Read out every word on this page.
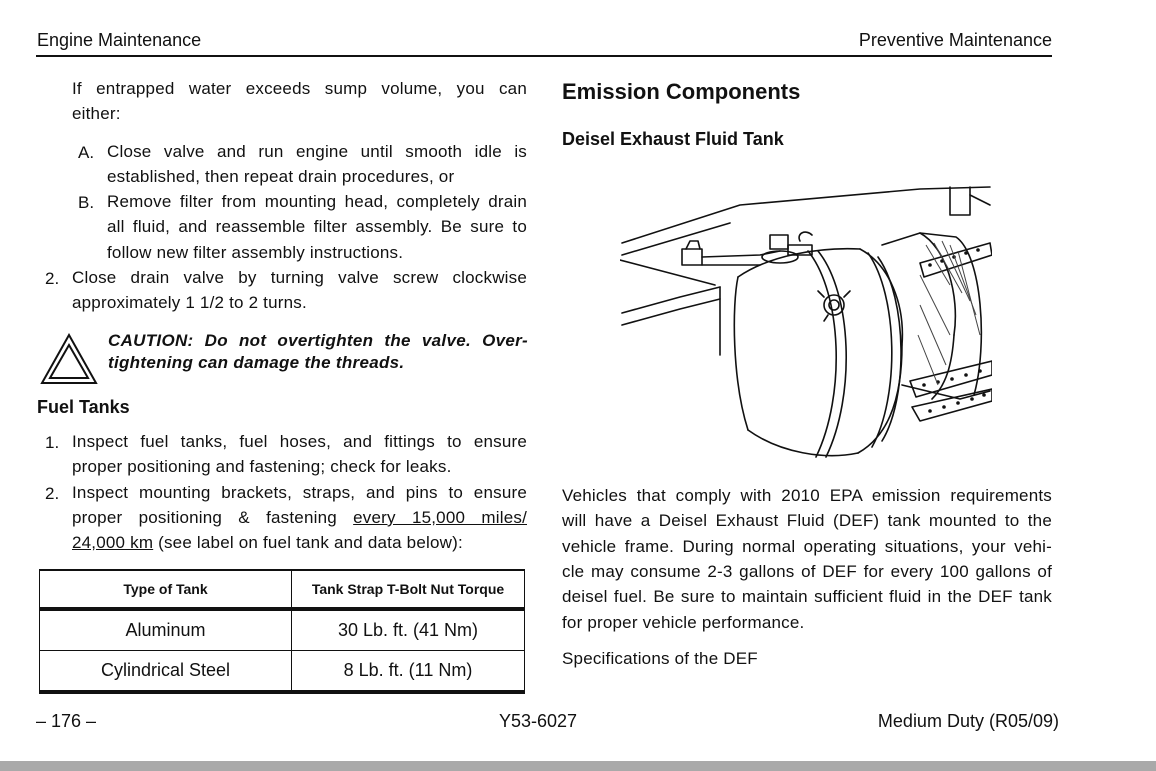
Engine Maintenance	Preventive Maintenance
If entrapped water exceeds sump volume, you can
either:
A. Close valve and run engine until smooth idle is
established, then repeat drain procedures, or
B. Remove filter from mounting head, completely drain
all fluid, and reassemble filter assembly. Be sure to
follow new filter assembly instructions.
2. Close drain valve by turning valve screw clockwise
approximately 1 1/2 to 2 turns.
CAUTION: Do not overtighten the valve. Over-
tightening can damage the threads.
Fuel Tanks
1. Inspect fuel tanks, fuel hoses, and fittings to ensure
proper positioning and fastening; check for leaks.
2. Inspect mounting brackets, straps, and pins to ensure
proper positioning & fastening every 15,000 miles/
24,000 km (see label on fuel tank and data below):
Type of Tank	Tank Strap T-Bolt Nut Torque
Aluminum	30 Lb. ft. (41 Nm)
Cylindrical Steel	8 Lb. ft. (11 Nm)
Emission Components
Deisel Exhaust Fluid Tank
Vehicles that comply with 2010 EPA emission requirements
will have a Deisel Exhaust Fluid (DEF) tank mounted to the
vehicle frame. During normal operating situations, your vehi-
cle may consume 2-3 gallons of DEF for every 100 gallons of
deisel fuel. Be sure to maintain sufficient fluid in the DEF tank
for proper vehicle performance.
Specifications of the DEF
– 176 –	Y53-6027	Medium Duty (R05/09)
